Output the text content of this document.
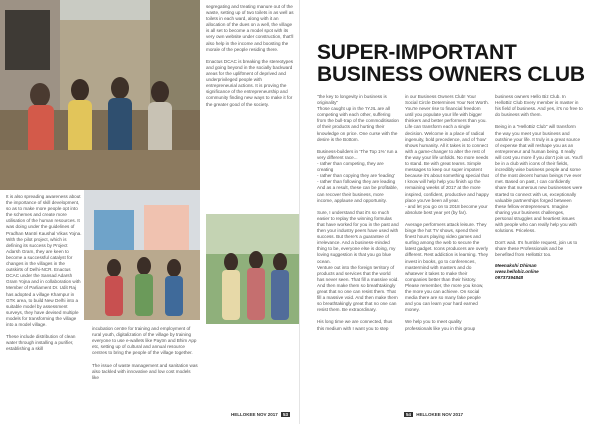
It is also spreading awareness about the importance of skill development, so as to make more people opt into the schemes and create more utilisation of the human resources. It was doing under the guidelines of Pradhan Mantri Kaushal Vikas Yojna. With the pilot project, which is defining its success by Project Adarsh Gram, they are keen to become a successful catalyst for changes in the villages in the outskirts of Delhi-NCR. Enactus DCAC under the Sansad Adarsh Gram Yojna and in collaboration with Member of Parliament Dr. Udit Raj has adopted a village Khampur in GTK area, to build New Delhi into a suitable model by assessment surveys, they have devised multiple models for transforming the village into a model village.

These include distribution of clean water through installing a purifier, establishing a skill

incubation centre for training and employment of rural youth, digitalization of the village by training everyone to use e-wallets like Paytm and Bhim App etc, setting up of cultural and annual resource centres to bring the people of the village together.

The issue of waste management and sanitation was also tackled with innovative and low cost models like

segregating and treating manure out of the waste, setting up of two toilets in as well as toilets in each ward, along with it an allocation of the dues on a well, the village is all set to become a model spot with its very own website under construction, that'll also help in the income and boosting the morale of the people residing there.

Enactus DCAC is breaking the stereotypes and going beyond in the socially backward areas for the upliftment of deprived and underprivileged people with entrepreneurial actions. It is proving the significance of the entrepreneurship and community finding new ways to make it for the greater good of the society.

HELLOKEE NOV 2017 53
SUPER-IMPORTANT BUSINESS OWNERS CLUB

"the key to longevity in business is originality"
Those caught up in the 'IYJIL are all competing with each other, suffering from the bull-trap of the commoditisation of their products and hurting their knowledge on price. One curse with the desire is the Bottom.

Business-builders in 'The Top 1%' run a very different race...
- rather than competing, they are creating
- rather than copying they are 'leading'
- rather than following they are leading
And as a result, these can be profitable, can recover their business, more income, applause and opportunity.

Sure, I understand that it's so much easier to replay the winning formulas that have worked for you in the past and then your industry peers have used with success. But there's a guarantee of irrelevance. And a business-minded thing to be, everyone else is doing, my loving suggestion is that you go blue ocean.
Venture out into the foreign territory of products and services that the world has never seen. That fill a massive void. And then make them so breathtakingly great that no one can resist them. That fill a massive void. And then make them so breathtakingly great that no one can resist them. Be extraordinary.

His long time we are connected, thus this medium with I want you to step

in our Business Owners Club! Your Social Circle Determines Your Net Worth. You're never rise to financial freedom until you populate your life with bigger thinkers and better performers than you.
Life can transform each a single decision. Welcome in a place of radical ingenuity, bold precedence, and of 'how' shows humanity. All it takes is to connect with a game-changer to alter the rest of the way your life unfolds. No more needs to stand. Be with great teams. Simple messages to keep our super impotent because it's about something special that I know will help help you finish up the remaining weeks of 2017 at the more inspired, confident, productive and happy place you've been all year.
- and let you go on to 2018 become your absolute best year yet (by far).

Average performers attack leisure. They binge the hot TV shows, spend their finest hours playing video games and surfing among the web to secure the latest gadget. Icons producers are overly different. Rest addiction is learning. They invest in books, go to conferences, mastermind with masters and do whatever it takes to make their companies better than their history. Please remember, the more you know, the more you can achieve. On social media there are so many fake people and you can learn your hard earned money.

We help you to meet quality professionals like you in this group

business owners Hello Biz Club. In HelloBiz Club Every member is master in his field of business. And yes, it's no free to do business with them.

Being in a "HelloBiz Club" will transform the way you meet your business and outshine your life. It truly is a great source of expense that will reshape you as an entrepreneur and human being. It really will cost you more if you don't join us. You'll be in a club with icons of their fields, incredibly wise business people and some of the most decent human beings I've ever met. Based on past, I can confidently share that numerous new businesses were started to connect with us, exceptionally valuable partnerships forged between these fellow entrepreneurs. Imagine sharing your business challenges, personal struggles and heartiest issues with people who can really help you with solutions. Priceless.

Don't wait. It's humble request, join us to share these Professionals and be benefited from HelloBiz too.

Meenakshi Dhiman
www.hellobiz.online
09737394848
54 HELLOKEE NOV 2017
